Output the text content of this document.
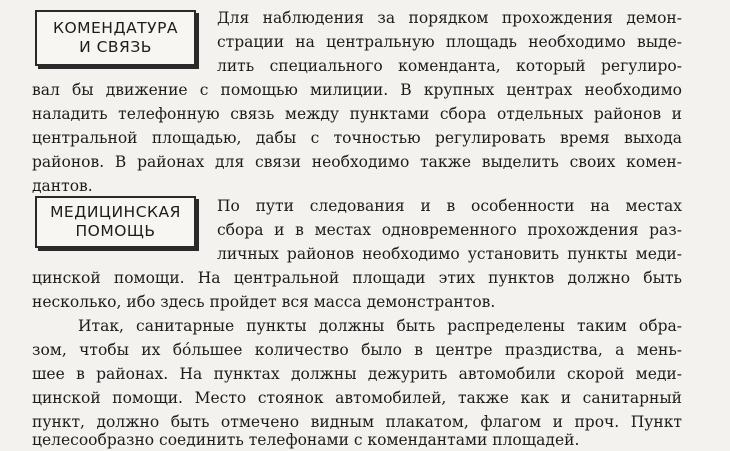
КОМЕНДАТУРА
И СВЯЗЬ
МЕДИЦИНСКАЯ
ПОМОЩЬ
Для наблюдения за порядком прохождения демон-
страции на центральную площадь необходимо выде-
лить специального коменданта, который регулиро-
вал бы движение с помощью милиции. В крупных центрах необходимо
наладить телефонную связь между пунктами сбора отдельных районов и
центральной площадью, дабы с точностью регулировать время выхода
районов. В районах для связи необходимо также выделить своих комен-
дантов.
По пути следования и в особенности на местах
сбора и в местах одновременного прохождения раз-
личных районов необходимо установить пункты меди-
цинской помощи. На центральной площади этих пунктов должно быть
несколько, ибо здесь пройдет вся масса демонстрантов.
Итак, санитарные пункты должны быть распределены таким обра-
зом, чтобы их бо́льшее количество было в центре праздиства, а мень-
шее в районах. На пунктах должны дежурить автомобили скорой меди-
цинской помощи. Место стоянок автомобилей, также как и санитарный
пункт, должно быть отмечено видным плакатом, флагом и проч. Пункт
целесообразно соединить телефонами с комендантами площадей.
